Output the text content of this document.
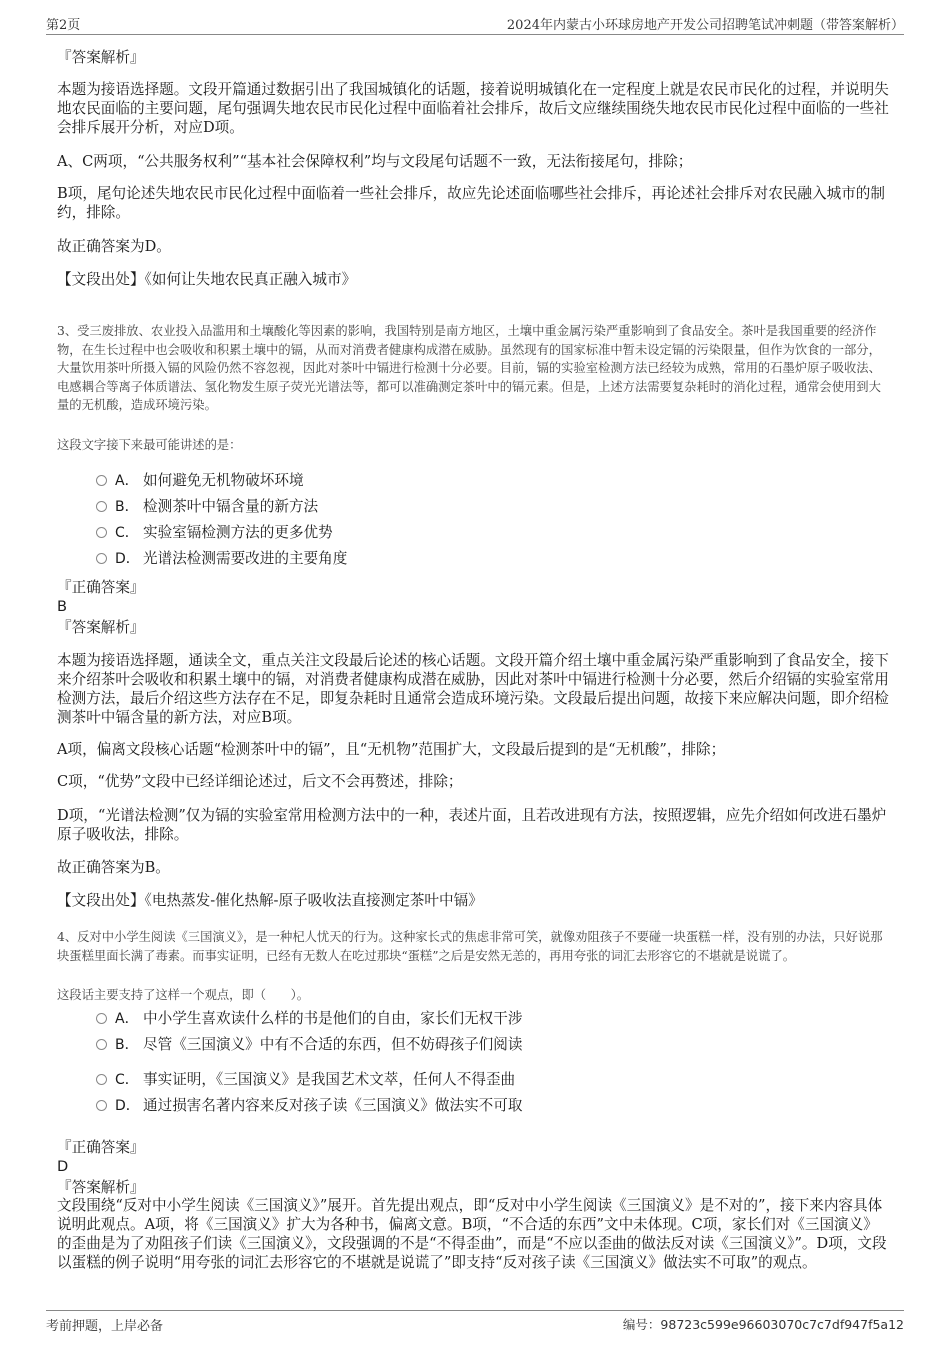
第2页	2024年内蒙古小环球房地产开发公司招聘笔试冲刺题（带答案解析）

『答案解析』

本题为接语选择题。文段开篇通过数据引出了我国城镇化的话题，接着说明城镇化在一定程度上就是农民市民化的过程，并说明失地农民面临的主要问题，尾句强调失地农民市民化过程中面临着社会排斥，故后文应继续围绕失地农民市民化过程中面临的一些社会排斥展开分析，对应D项。

A、C两项，“公共服务权利”“基本社会保障权利”均与文段尾句话题不一致，无法衔接尾句，排除；

B项，尾句论述失地农民市民化过程中面临着一些社会排斥，故应先论述面临哪些社会排斥，再论述社会排斥对农民融入城市的制约，排除。

故正确答案为D。

【文段出处】《如何让失地农民真正融入城市》

3、受三废排放、农业投入品滥用和土壤酸化等因素的影响，我国特别是南方地区，土壤中重金属污染严重影响到了食品安全。茶叶是我国重要的经济作物，在生长过程中也会吸收和积累土壤中的镉，从而对消费者健康构成潜在威胁。虽然现有的国家标准中暂未设定镉的污染限量，但作为饮食的一部分，大量饮用茶叶所摄入镉的风险仍然不容忽视，因此对茶叶中镉进行检测十分必要。目前，镉的实验室检测方法已经较为成熟，常用的石墨炉原子吸收法、电感耦合等离子体质谱法、氢化物发生原子荧光光谱法等，都可以准确测定茶叶中的镉元素。但是，上述方法需要复杂耗时的消化过程，通常会使用到大量的无机酸，造成环境污染。

这段文字接下来最可能讲述的是：

A． 如何避免无机物破坏环境
B． 检测茶叶中镉含量的新方法
C． 实验室镉检测方法的更多优势
D． 光谱法检测需要改进的主要角度

『正确答案』

B

『答案解析』

本题为接语选择题，通读全文，重点关注文段最后论述的核心话题。文段开篇介绍土壤中重金属污染严重影响到了食品安全，接下来介绍茶叶会吸收和积累土壤中的镉，对消费者健康构成潜在威胁，因此对茶叶中镉进行检测十分必要，然后介绍镉的实验室常用检测方法，最后介绍这些方法存在不足，即复杂耗时且通常会造成环境污染。文段最后提出问题，故接下来应解决问题，即介绍检测茶叶中镉含量的新方法，对应B项。

A项，偏离文段核心话题“检测茶叶中的镉”，且“无机物”范围扩大，文段最后提到的是“无机酸”，排除；

C项，“优势”文段中已经详细论述过，后文不会再赘述，排除；

D项，“光谱法检测”仅为镉的实验室常用检测方法中的一种，表述片面，且若改进现有方法，按照逻辑，应先介绍如何改进石墨炉原子吸收法，排除。

故正确答案为B。

【文段出处】《电热蒸发-催化热解-原子吸收法直接测定茶叶中镉》

4、反对中小学生阅读《三国演义》，是一种杞人忧天的行为。这种家长式的焦虑非常可笑，就像劝阻孩子不要碰一块蛋糕一样，没有别的办法，只好说那块蛋糕里面长满了毒素。而事实证明，已经有无数人在吃过那块“蛋糕”之后是安然无恙的，再用夸张的词汇去形容它的不堪就是说谎了。

这段话主要支持了这样一个观点，即（　　）。

A． 中小学生喜欢读什么样的书是他们的自由，家长们无权干涉
B． 尽管《三国演义》中有不合适的东西，但不妨碍孩子们阅读
C． 事实证明，《三国演义》是我国艺术文萃，任何人不得歪曲
D． 通过损害名著内容来反对孩子读《三国演义》做法实不可取

『正确答案』

D

『答案解析』

文段围绕“反对中小学生阅读《三国演义》”展开。首先提出观点，即“反对中小学生阅读《三国演义》是不对的”，接下来内容具体说明此观点。A项，将《三国演义》扩大为各种书，偏离文意。B项，“不合适的东西”文中未体现。C项，家长们对《三国演义》的歪曲是为了劝阻孩子们读《三国演义》，文段强调的不是“不得歪曲”，而是“不应以歪曲的做法反对读《三国演义》”。D项，文段以蛋糕的例子说明“用夸张的词汇去形容它的不堪就是说谎了”即支持“反对孩子读《三国演义》做法实不可取”的观点。

考前押题，上岸必备	编号：98723c599e96603070c7c7df947f5a12
